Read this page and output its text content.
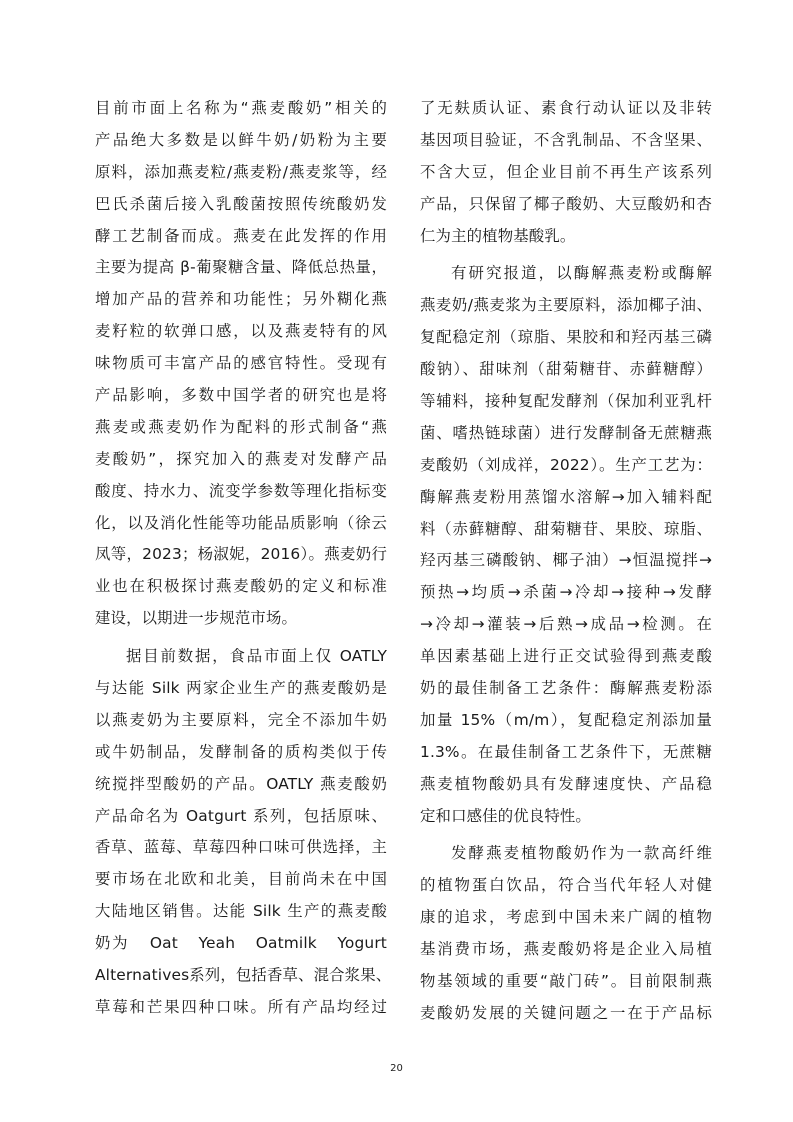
目前市面上名称为“燕麦酸奶”相关的
产品绝大多数是以鲜牛奶/奶粉为主要
原料，添加燕麦粒/燕麦粉/燕麦浆等，经
巴氏杀菌后接入乳酸菌按照传统酸奶发
酵工艺制备而成。燕麦在此发挥的作用
主要为提高 β-葡聚糖含量、降低总热量，
增加产品的营养和功能性；另外糊化燕
麦籽粒的软弹口感，以及燕麦特有的风
味物质可丰富产品的感官特性。受现有
产品影响，多数中国学者的研究也是将
燕麦或燕麦奶作为配料的形式制备“燕
麦酸奶”，探究加入的燕麦对发酵产品
酸度、持水力、流变学参数等理化指标变
化，以及消化性能等功能品质影响（徐云
凤等，2023；杨淑妮，2016）。燕麦奶行
业也在积极探讨燕麦酸奶的定义和标准
建设，以期进一步规范市场。
据目前数据，食品市面上仅 OATLY
与达能 Silk 两家企业生产的燕麦酸奶是
以燕麦奶为主要原料，完全不添加牛奶
或牛奶制品，发酵制备的质构类似于传
统搅拌型酸奶的产品。OATLY 燕麦酸奶
产品命名为 Oatgurt 系列，包括原味、
香草、蓝莓、草莓四种口味可供选择，主
要市场在北欧和北美，目前尚未在中国
大陆地区销售。达能 Silk 生产的燕麦酸
奶为 Oat Yeah Oatmilk Yogurt
Alternatives系列，包括香草、混合浆果、
草莓和芒果四种口味。所有产品均经过
了无麸质认证、素食行动认证以及非转
基因项目验证，不含乳制品、不含坚果、
不含大豆，但企业目前不再生产该系列
产品，只保留了椰子酸奶、大豆酸奶和杏
仁为主的植物基酸乳。
有研究报道，以酶解燕麦粉或酶解
燕麦奶/燕麦浆为主要原料，添加椰子油、
复配稳定剂（琼脂、果胶和和羟丙基三磷
酸钠）、甜味剂（甜菊糖苷、赤藓糖醇）
等辅料，接种复配发酵剂（保加利亚乳杆
菌、嗜热链球菌）进行发酵制备无蔗糖燕
麦酸奶（刘成祥，2022）。生产工艺为：
酶解燕麦粉用蒸馏水溶解→加入辅料配
料（赤藓糖醇、甜菊糖苷、果胶、琼脂、
羟丙基三磷酸钠、椰子油）→恒温搅拌→
预热→均质→杀菌→冷却→接种→发酵
→冷却→灌装→后熟→成品→检测。在
单因素基础上进行正交试验得到燕麦酸
奶的最佳制备工艺条件：酶解燕麦粉添
加量 15%（m/m），复配稳定剂添加量
1.3%。在最佳制备工艺条件下，无蔗糖
燕麦植物酸奶具有发酵速度快、产品稳
定和口感佳的优良特性。
发酵燕麦植物酸奶作为一款高纤维
的植物蛋白饮品，符合当代年轻人对健
康的追求，考虑到中国未来广阔的植物
基消费市场，燕麦酸奶将是企业入局植
物基领域的重要“敲门砖”。目前限制燕
麦酸奶发展的关键问题之一在于产品标
20
